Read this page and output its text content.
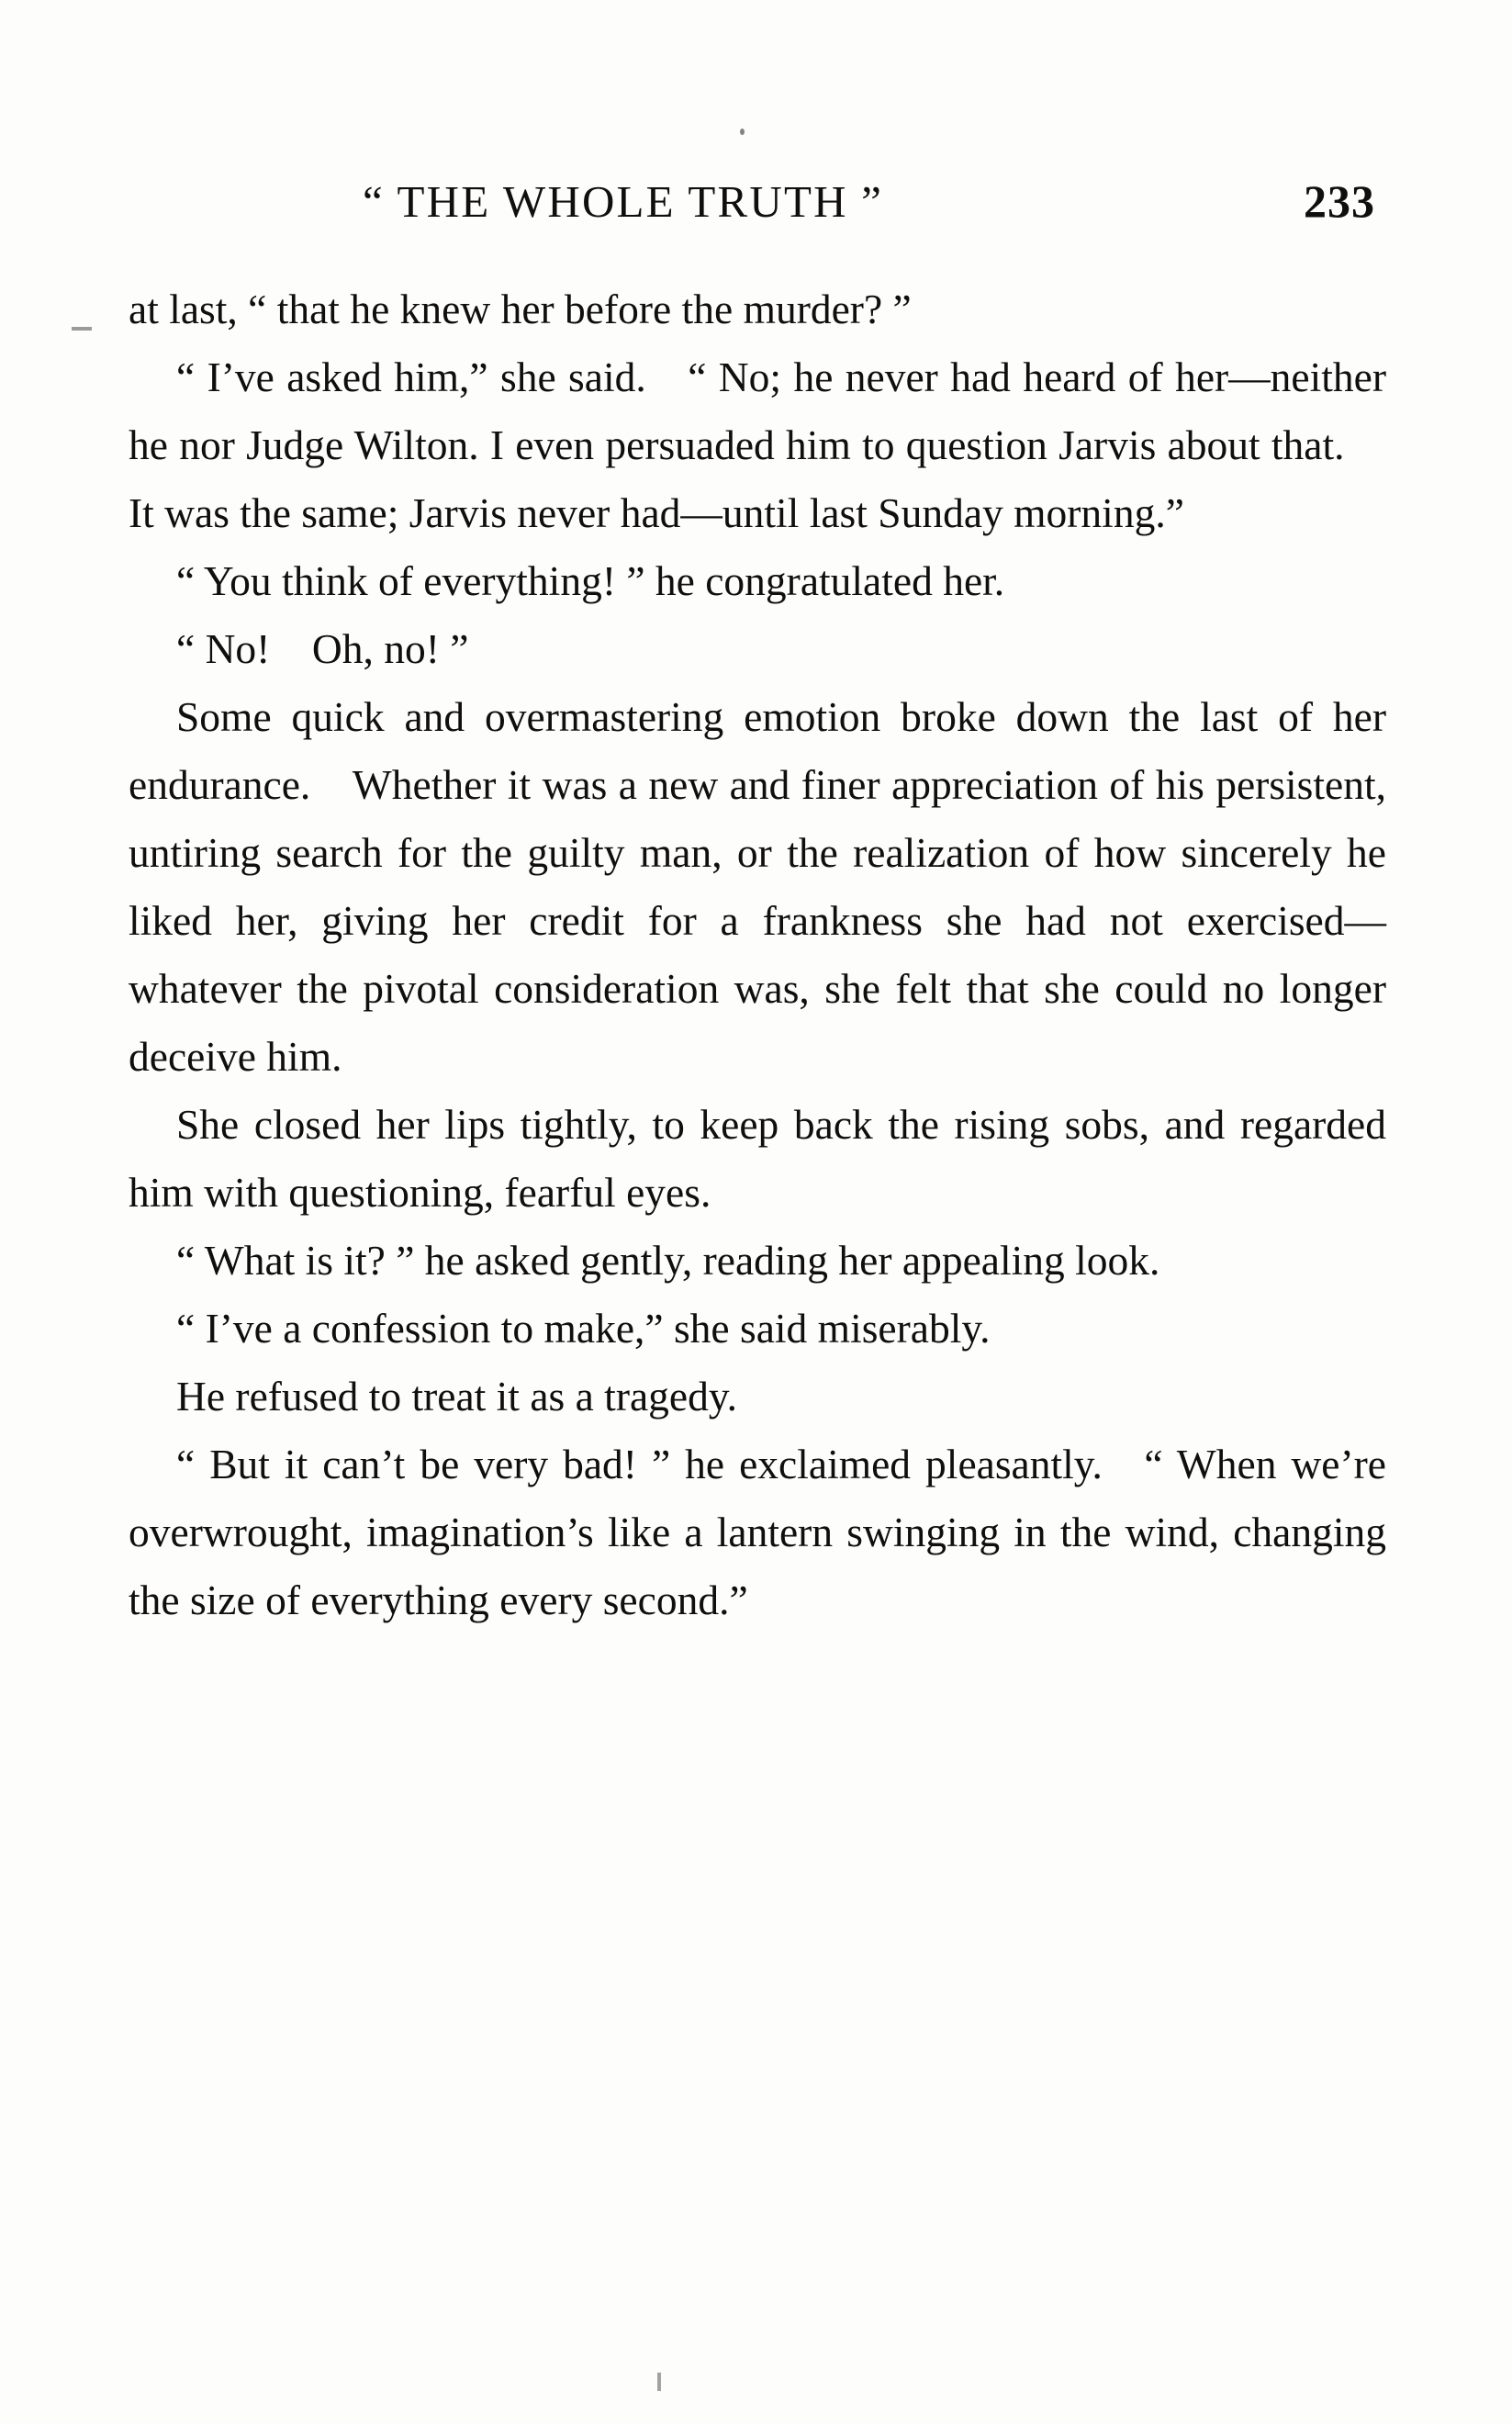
“ THE WHOLE TRUTH ”	233

at last, “ that he knew her before the murder? ”

“ I’ve asked him,” she said. “ No; he never had heard of her—neither he nor Judge Wilton. I even persuaded him to question Jarvis about that. It was the same; Jarvis never had—until last Sunday morning.”

“ You think of everything! ” he congratulated her.

“ No! Oh, no! ”

Some quick and overmastering emotion broke down the last of her endurance. Whether it was a new and finer appreciation of his persistent, untiring search for the guilty man, or the realization of how sincerely he liked her, giving her credit for a frankness she had not exercised—whatever the pivotal consideration was, she felt that she could no longer deceive him.

She closed her lips tightly, to keep back the rising sobs, and regarded him with questioning, fearful eyes.

“ What is it? ” he asked gently, reading her appealing look.

“ I’ve a confession to make,” she said miserably.

He refused to treat it as a tragedy.

“ But it can’t be very bad! ” he exclaimed pleasantly. “ When we’re overwrought, imagination’s like a lantern swinging in the wind, changing the size of everything every second.”
